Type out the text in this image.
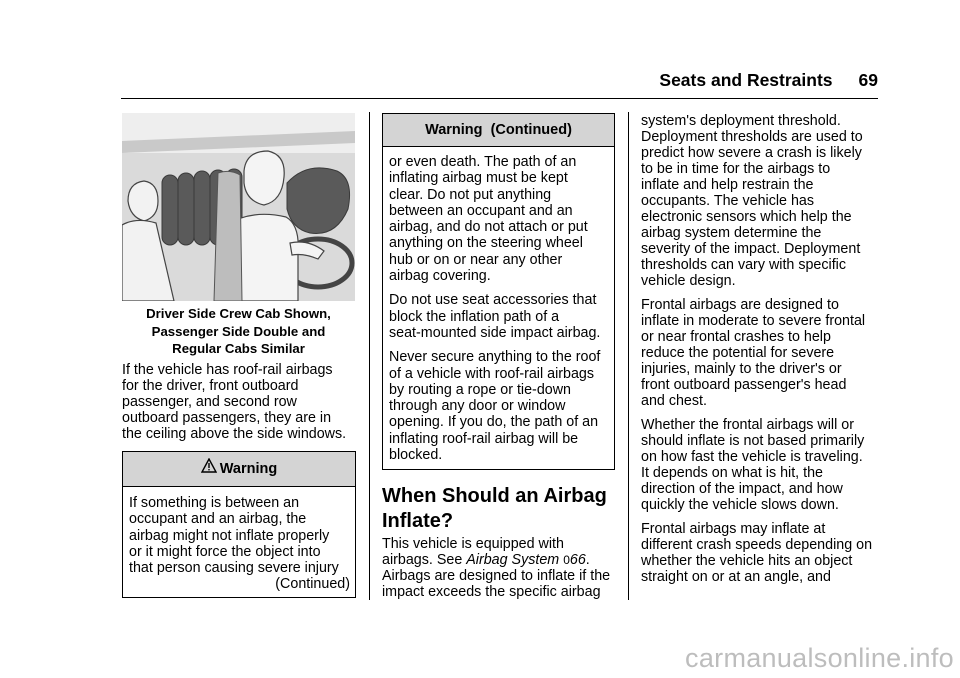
Seats and Restraints 69
Driver Side Crew Cab Shown,
Passenger Side Double and
Regular Cabs Similar
If the vehicle has roof-rail airbags
for the driver, front outboard
passenger, and second row
outboard passengers, they are in
the ceiling above the side windows.
Warning
If something is between an
occupant and an airbag, the
airbag might not inflate properly
or it might force the object into
that person causing severe injury
(Continued)
Warning  (Continued)

or even death. The path of an
inflating airbag must be kept
clear. Do not put anything
between an occupant and an
airbag, and do not attach or put
anything on the steering wheel
hub or on or near any other
airbag covering.

Do not use seat accessories that
block the inflation path of a
seat-mounted side impact airbag.

Never secure anything to the roof
of a vehicle with roof-rail airbags
by routing a rope or tie-down
through any door or window
opening. If you do, the path of an
inflating roof-rail airbag will be
blocked.

When Should an Airbag
Inflate?
This vehicle is equipped with
airbags. See Airbag System 066.
Airbags are designed to inflate if the
impact exceeds the specific airbag

system's deployment threshold.
Deployment thresholds are used to
predict how severe a crash is likely
to be in time for the airbags to
inflate and help restrain the
occupants. The vehicle has
electronic sensors which help the
airbag system determine the
severity of the impact. Deployment
thresholds can vary with specific
vehicle design.

Frontal airbags are designed to
inflate in moderate to severe frontal
or near frontal crashes to help
reduce the potential for severe
injuries, mainly to the driver's or
front outboard passenger's head
and chest.

Whether the frontal airbags will or
should inflate is not based primarily
on how fast the vehicle is traveling.
It depends on what is hit, the
direction of the impact, and how
quickly the vehicle slows down.

Frontal airbags may inflate at
different crash speeds depending on
whether the vehicle hits an object
straight on or at an angle, and

carmanualsonline.info
